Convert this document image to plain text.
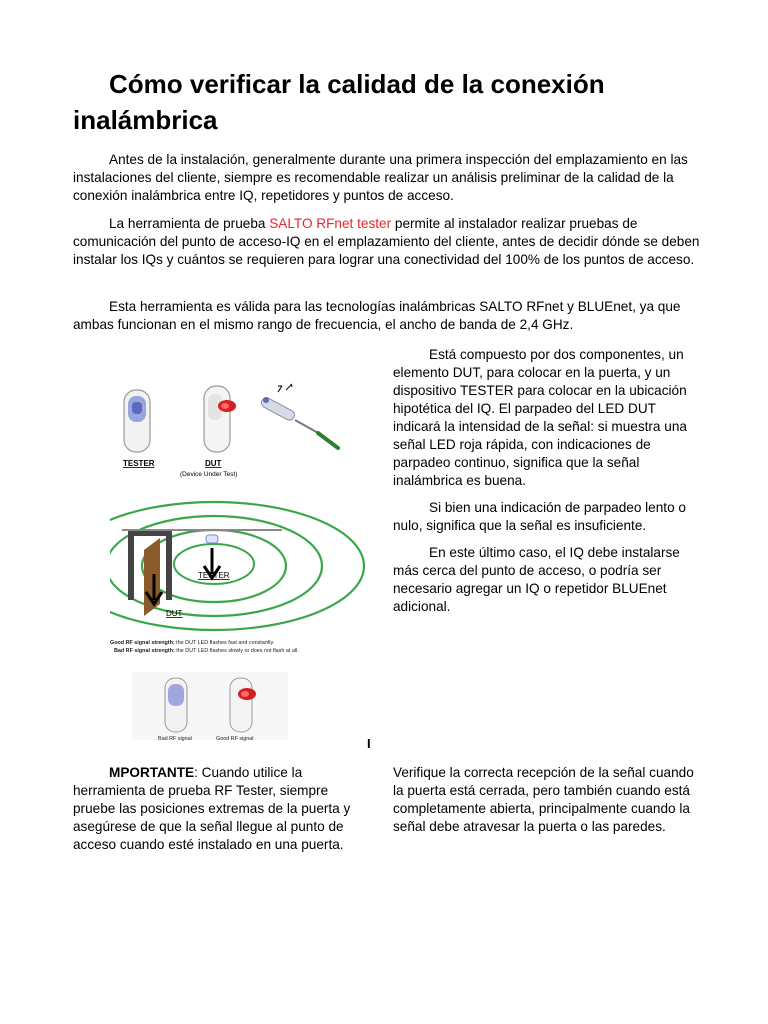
Cómo verificar la calidad de la conexión inalámbrica

Antes de la instalación, generalmente durante una primera inspección del emplazamiento en las instalaciones del cliente, siempre es recomendable realizar un análisis preliminar de la calidad de la conexión inalámbrica entre IQ, repetidores y puntos de acceso.

La herramienta de prueba SALTO RFnet tester permite al instalador realizar pruebas de comunicación del punto de acceso-IQ en el emplazamiento del cliente, antes de decidir dónde se deben instalar los IQs y cuántos se requieren para lograr una conectividad del 100% de los puntos de acceso.

Esta herramienta es válida para las tecnologías inalámbricas SALTO RFnet y BLUEnet, ya que ambas funcionan en el mismo rango de frecuencia, el ancho de banda de 2,4 GHz.

TESTER	DUT
(Device Under Test)
TESTER
DUT
Good RF signal strength: the DUT LED flashes fast and constantly.
Bad RF signal strength: the DUT LED flashes slowly or does not flash at all.
Bad RF signal	Good RF signal

Está compuesto por dos componentes, un elemento DUT, para colocar en la puerta, y un dispositivo TESTER para colocar en la ubicación hipotética del IQ. El parpadeo del LED DUT indicará la intensidad de la señal: si muestra una señal LED roja rápida, con indicaciones de parpadeo continuo, significa que la señal inalámbrica es buena.

Si bien una indicación de parpadeo lento o nulo, significa que la señal es insuficiente.

En este último caso, el IQ debe instalarse más cerca del punto de acceso, o podría ser necesario agregar un IQ o repetidor BLUEnet adicional.

I

MPORTANTE: Cuando utilice la herramienta de prueba RF Tester, siempre pruebe las posiciones extremas de la puerta y asegúrese de que la señal llegue al punto de acceso cuando esté instalado en una puerta.

Verifique la correcta recepción de la señal cuando la puerta está cerrada, pero también cuando está completamente abierta, principalmente cuando la señal debe atravesar la puerta o las paredes.
